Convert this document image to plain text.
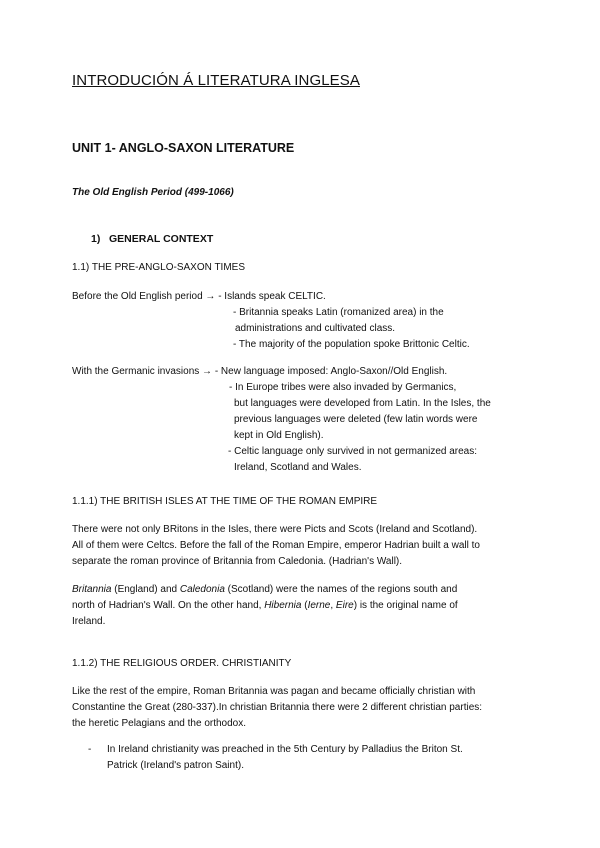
INTRODUCIÓN Á LITERATURA INGLESA
UNIT 1- ANGLO-SAXON LITERATURE
The Old English Period (499-1066)
1) GENERAL CONTEXT
1.1) THE PRE-ANGLO-SAXON TIMES
Before the Old English period → - Islands speak CELTIC.
- Britannia speaks Latin (romanized area) in the
administrations and cultivated class.
- The majority of the population spoke Brittonic Celtic.
With the Germanic invasions → - New language imposed: Anglo-Saxon//Old English.
- In Europe tribes were also invaded by Germanics,
but languages were developed from Latin. In the Isles, the
previous languages were deleted (few latin words were
kept in Old English).
- Celtic language only survived in not germanized areas:
Ireland, Scotland and Wales.
1.1.1) THE BRITISH ISLES AT THE TIME OF THE ROMAN EMPIRE

There were not only BRitons in the Isles, there were Picts and Scots (Ireland and Scotland).

All of them were Celtcs. Before the fall of the Roman Empire, emperor Hadrian built a wall to

separate the roman province of Britannia from Caledonia. (Hadrian's Wall).

Britannia (England) and Caledonia (Scotland) were the names of the regions south and

north of Hadrian's Wall. On the other hand, Hibernia (Ierne, Eire) is the original name of

Ireland.

1.1.2) THE RELIGIOUS ORDER. CHRISTIANITY

Like the rest of the empire, Roman Britannia was pagan and became officially christian with

Constantine the Great (280-337).In christian Britannia there were 2 different christian parties:

the heretic Pelagians and the orthodox.

- In Ireland christianity was preached in the 5th Century by Palladius the Briton St.
Patrick (Ireland's patron Saint).
